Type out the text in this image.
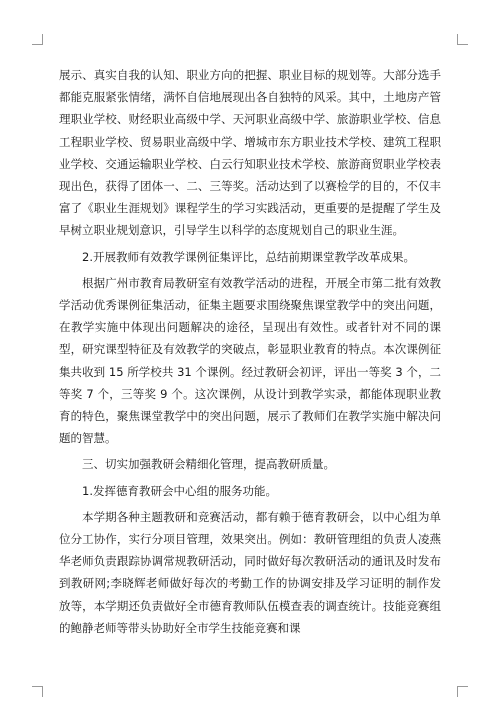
展示、真实自我的认知、职业方向的把握、职业目标的规划等。大部分选手都能克服紧张情绪，满怀自信地展现出各自独特的风采。其中，土地房产管理职业学校、财经职业高级中学、天河职业高级中学、旅游职业学校、信息工程职业学校、贸易职业高级中学、增城市东方职业技术学校、建筑工程职业学校、交通运输职业学校、白云行知职业技术学校、旅游商贸职业学校表现出色，获得了团体一、二、三等奖。活动达到了以赛检学的目的，不仅丰富了《职业生涯规划》课程学生的学习实践活动，更重要的是提醒了学生及早树立职业规划意识，引导学生以科学的态度规划自己的职业生涯。

2.开展教师有效教学课例征集评比，总结前期课堂教学改革成果。

根据广州市教育局教研室有效教学活动的进程，开展全市第二批有效教学活动优秀课例征集活动，征集主题要求围绕聚焦课堂教学中的突出问题，在教学实施中体现出问题解决的途径，呈现出有效性。或者针对不同的课型，研究课型特征及有效教学的突破点，彰显职业教育的特点。本次课例征集共收到 15 所学校共 31 个课例。经过教研会初评，评出一等奖 3 个，二等奖 7 个，三等奖 9 个。这次课例，从设计到教学实录，都能体现职业教育的特色，聚焦课堂教学中的突出问题，展示了教师们在教学实施中解决问题的智慧。

三、切实加强教研会精细化管理，提高教研质量。

1.发挥德育教研会中心组的服务功能。

本学期各种主题教研和竞赛活动，都有赖于德育教研会，以中心组为单位分工协作，实行分项目管理，效果突出。例如：教研管理组的负责人凌燕华老师负责跟踪协调常规教研活动，同时做好每次教研活动的通讯及时发布到教研网;李晓辉老师做好每次的考勤工作的协调安排及学习证明的制作发放等，本学期还负责做好全市德育教师队伍模查表的调查统计。技能竞赛组的鲍静老师等带头协助好全市学生技能竞赛和课
